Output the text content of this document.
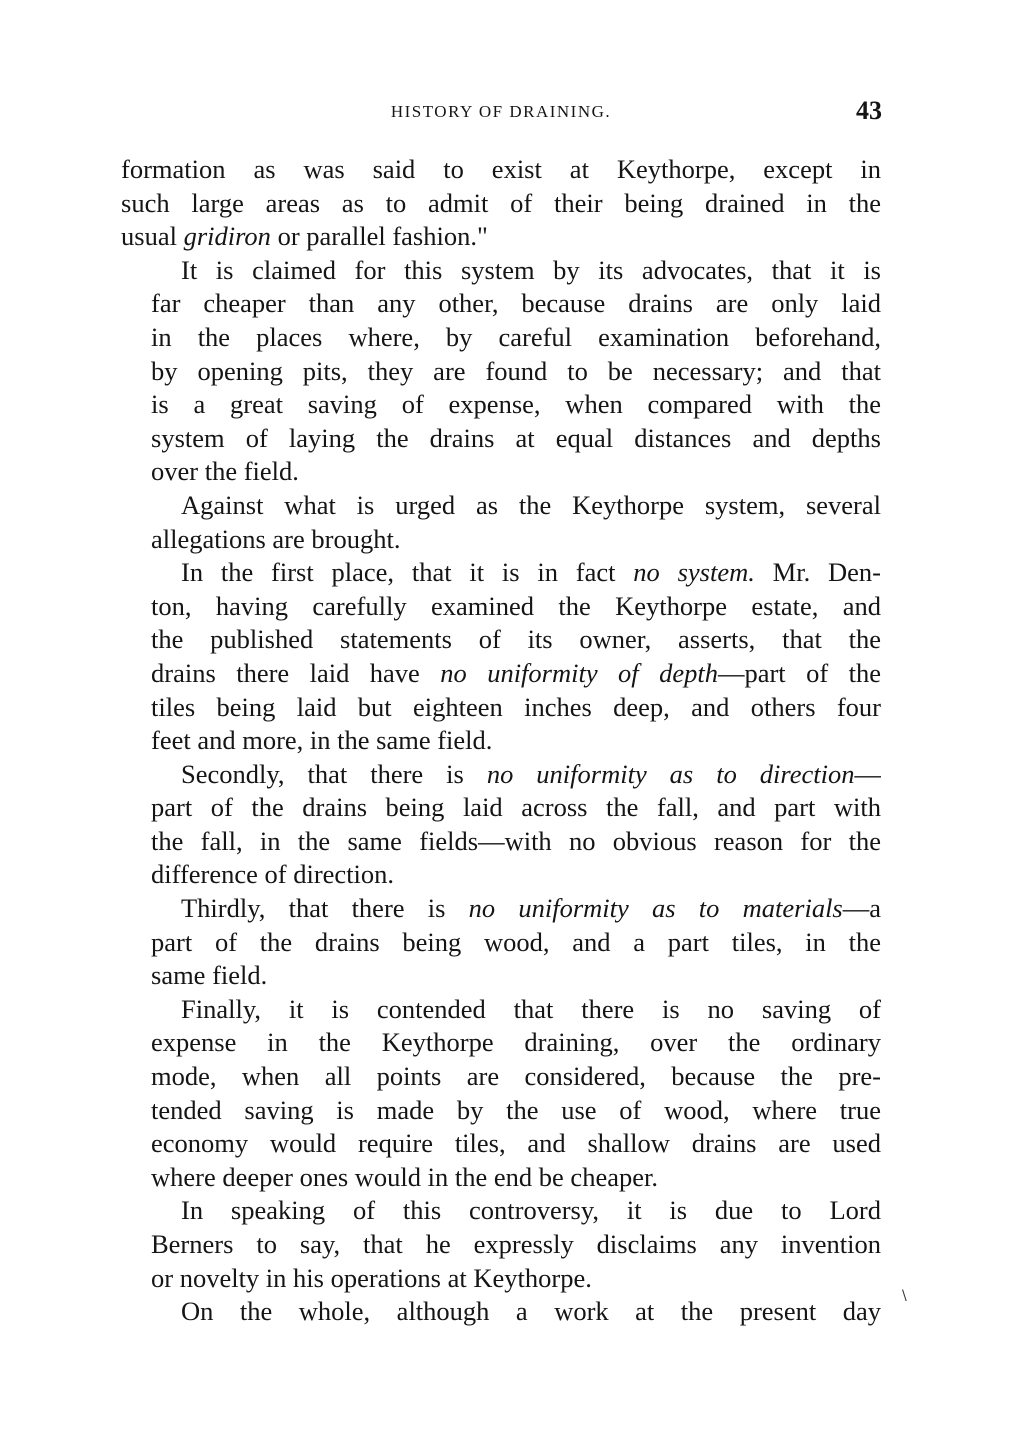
HISTORY OF DRAINING.	43
formation as was said to exist at Keythorpe, except in
such large areas as to admit of their being drained in the
usual gridiron or parallel fashion."
It is claimed for this system by its advocates, that it is
far cheaper than any other, because drains are only laid
in the places where, by careful examination beforehand,
by opening pits, they are found to be necessary; and that
is a great saving of expense, when compared with the
system of laying the drains at equal distances and depths
over the field.
Against what is urged as the Keythorpe system, several
allegations are brought.
In the first place, that it is in fact no system. Mr. Den-
ton, having carefully examined the Keythorpe estate, and
the published statements of its owner, asserts, that the
drains there laid have no uniformity of depth—part of the
tiles being laid but eighteen inches deep, and others four
feet and more, in the same field.
Secondly, that there is no uniformity as to direction—
part of the drains being laid across the fall, and part with
the fall, in the same fields—with no obvious reason for the
difference of direction.
Thirdly, that there is no uniformity as to materials—a
part of the drains being wood, and a part tiles, in the
same field.
Finally, it is contended that there is no saving of
expense in the Keythorpe draining, over the ordinary
mode, when all points are considered, because the pre-
tended saving is made by the use of wood, where true
economy would require tiles, and shallow drains are used
where deeper ones would in the end be cheaper.
In speaking of this controversy, it is due to Lord
Berners to say, that he expressly disclaims any invention
or novelty in his operations at Keythorpe.
On the whole, although a work at the present day
\
